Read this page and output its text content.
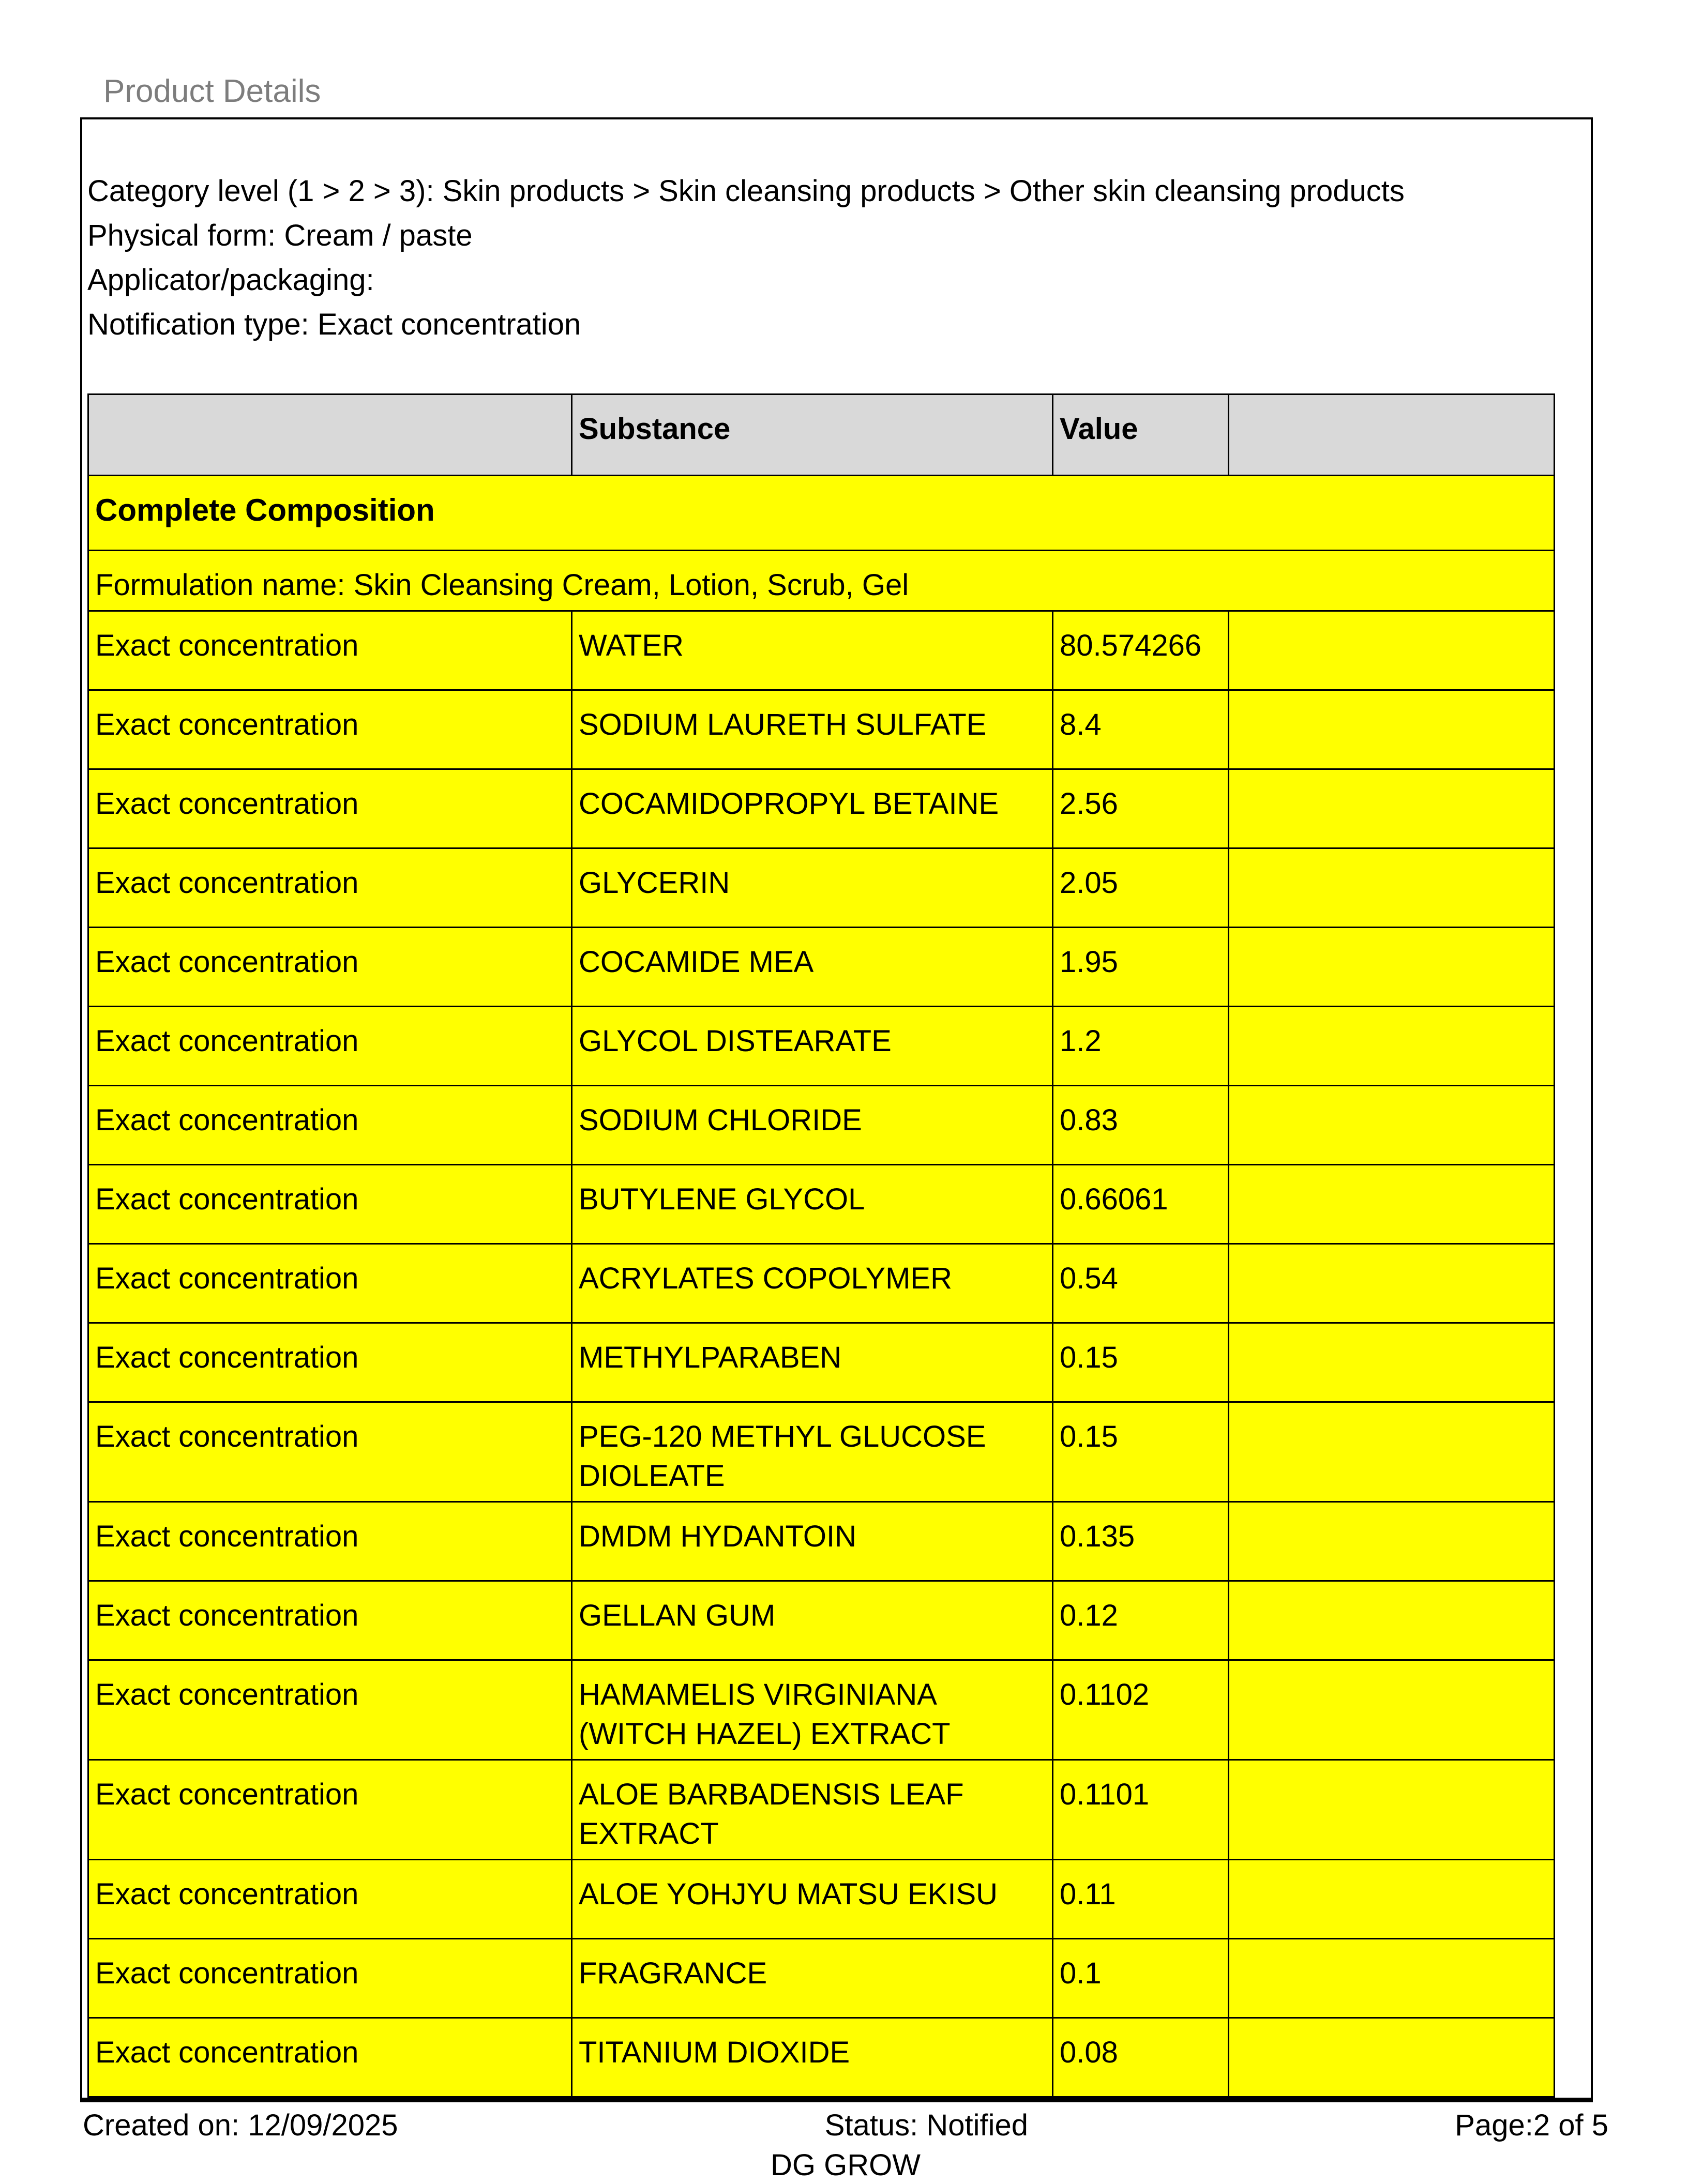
Product Details
Category level (1 > 2 > 3): Skin products > Skin cleansing products > Other skin cleansing products
Physical form: Cream / paste
Applicator/packaging:
Notification type: Exact concentration
	Substance	Value	
Complete Composition			
Formulation name: Skin Cleansing Cream, Lotion, Scrub, Gel			
Exact concentration	WATER	80.574266	
Exact concentration	SODIUM LAURETH SULFATE	8.4	
Exact concentration	COCAMIDOPROPYL BETAINE	2.56	
Exact concentration	GLYCERIN	2.05	
Exact concentration	COCAMIDE MEA	1.95	
Exact concentration	GLYCOL DISTEARATE	1.2	
Exact concentration	SODIUM CHLORIDE	0.83	
Exact concentration	BUTYLENE GLYCOL	0.66061	
Exact concentration	ACRYLATES COPOLYMER	0.54	
Exact concentration	METHYLPARABEN	0.15	
Exact concentration	PEG-120 METHYL GLUCOSE DIOLEATE	0.15	
Exact concentration	DMDM HYDANTOIN	0.135	
Exact concentration	GELLAN GUM	0.12	
Exact concentration	HAMAMELIS VIRGINIANA (WITCH HAZEL) EXTRACT	0.1102	
Exact concentration	ALOE BARBADENSIS LEAF EXTRACT	0.1101	
Exact concentration	ALOE YOHJYU MATSU EKISU	0.11	
Exact concentration	FRAGRANCE	0.1	
Exact concentration	TITANIUM DIOXIDE	0.08	
Created on: 12/09/2025	Status: Notified	Page:2 of 5
DG GROW
